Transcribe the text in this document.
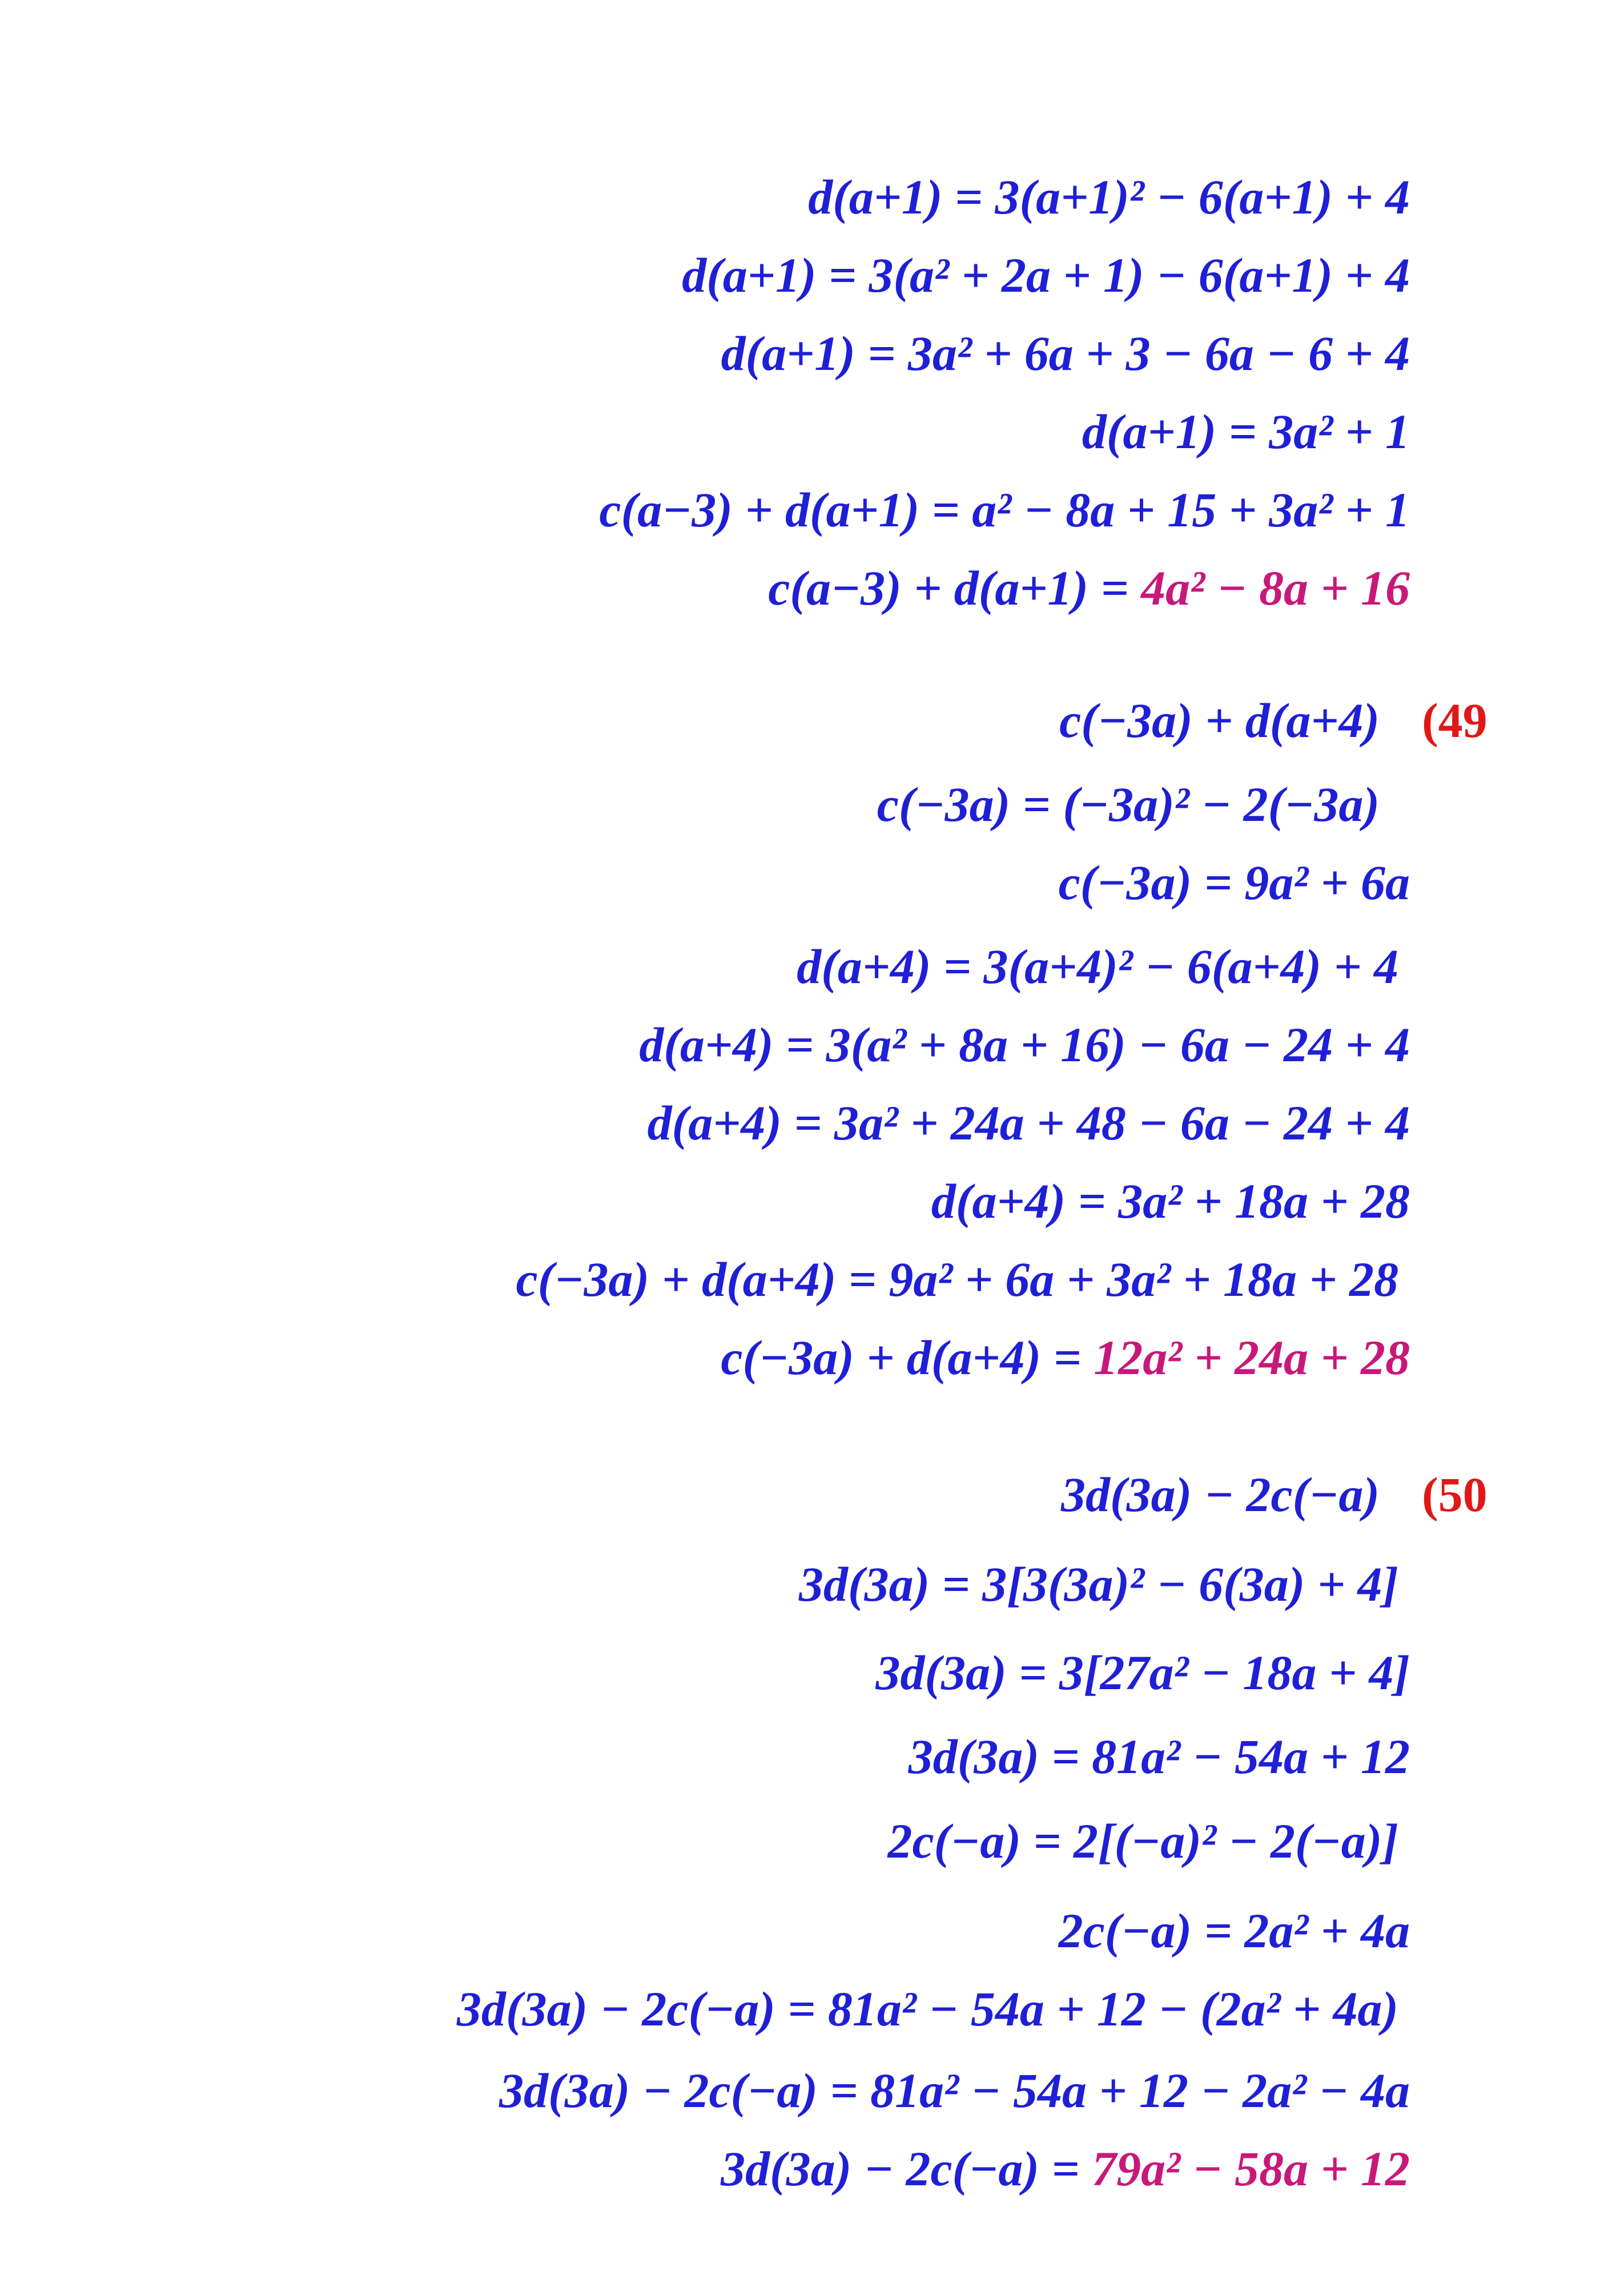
d(a+1) = 3(a+1)² − 6(a+1) + 4
d(a+1) = 3(a² + 2a + 1) − 6(a+1) + 4
d(a+1) = 3a² + 6a + 3 − 6a − 6 + 4
d(a+1) = 3a² + 1
c(a−3) + d(a+1) = a² − 8a + 15 + 3a² + 1
c(a−3) + d(a+1) = 4a² − 8a + 16
c(−3a) + d(a+4) (49
c(−3a) = (−3a)² − 2(−3a)
c(−3a) = 9a² + 6a
d(a+4) = 3(a+4)² − 6(a+4) + 4
d(a+4) = 3(a² + 8a + 16) − 6a − 24 + 4
d(a+4) = 3a² + 24a + 48 − 6a − 24 + 4
d(a+4) = 3a² + 18a + 28
c(−3a) + d(a+4) = 9a² + 6a + 3a² + 18a + 28
c(−3a) + d(a+4) = 12a² + 24a + 28
3d(3a) − 2c(−a) (50
3d(3a) = 3[3(3a)² − 6(3a) + 4]
3d(3a) = 3[27a² − 18a + 4]
3d(3a) = 81a² − 54a + 12
2c(−a) = 2[(−a)² − 2(−a)]
2c(−a) = 2a² + 4a
3d(3a) − 2c(−a) = 81a² − 54a + 12 − (2a² + 4a)
3d(3a) − 2c(−a) = 81a² − 54a + 12 − 2a² − 4a
3d(3a) − 2c(−a) = 79a² − 58a + 12
